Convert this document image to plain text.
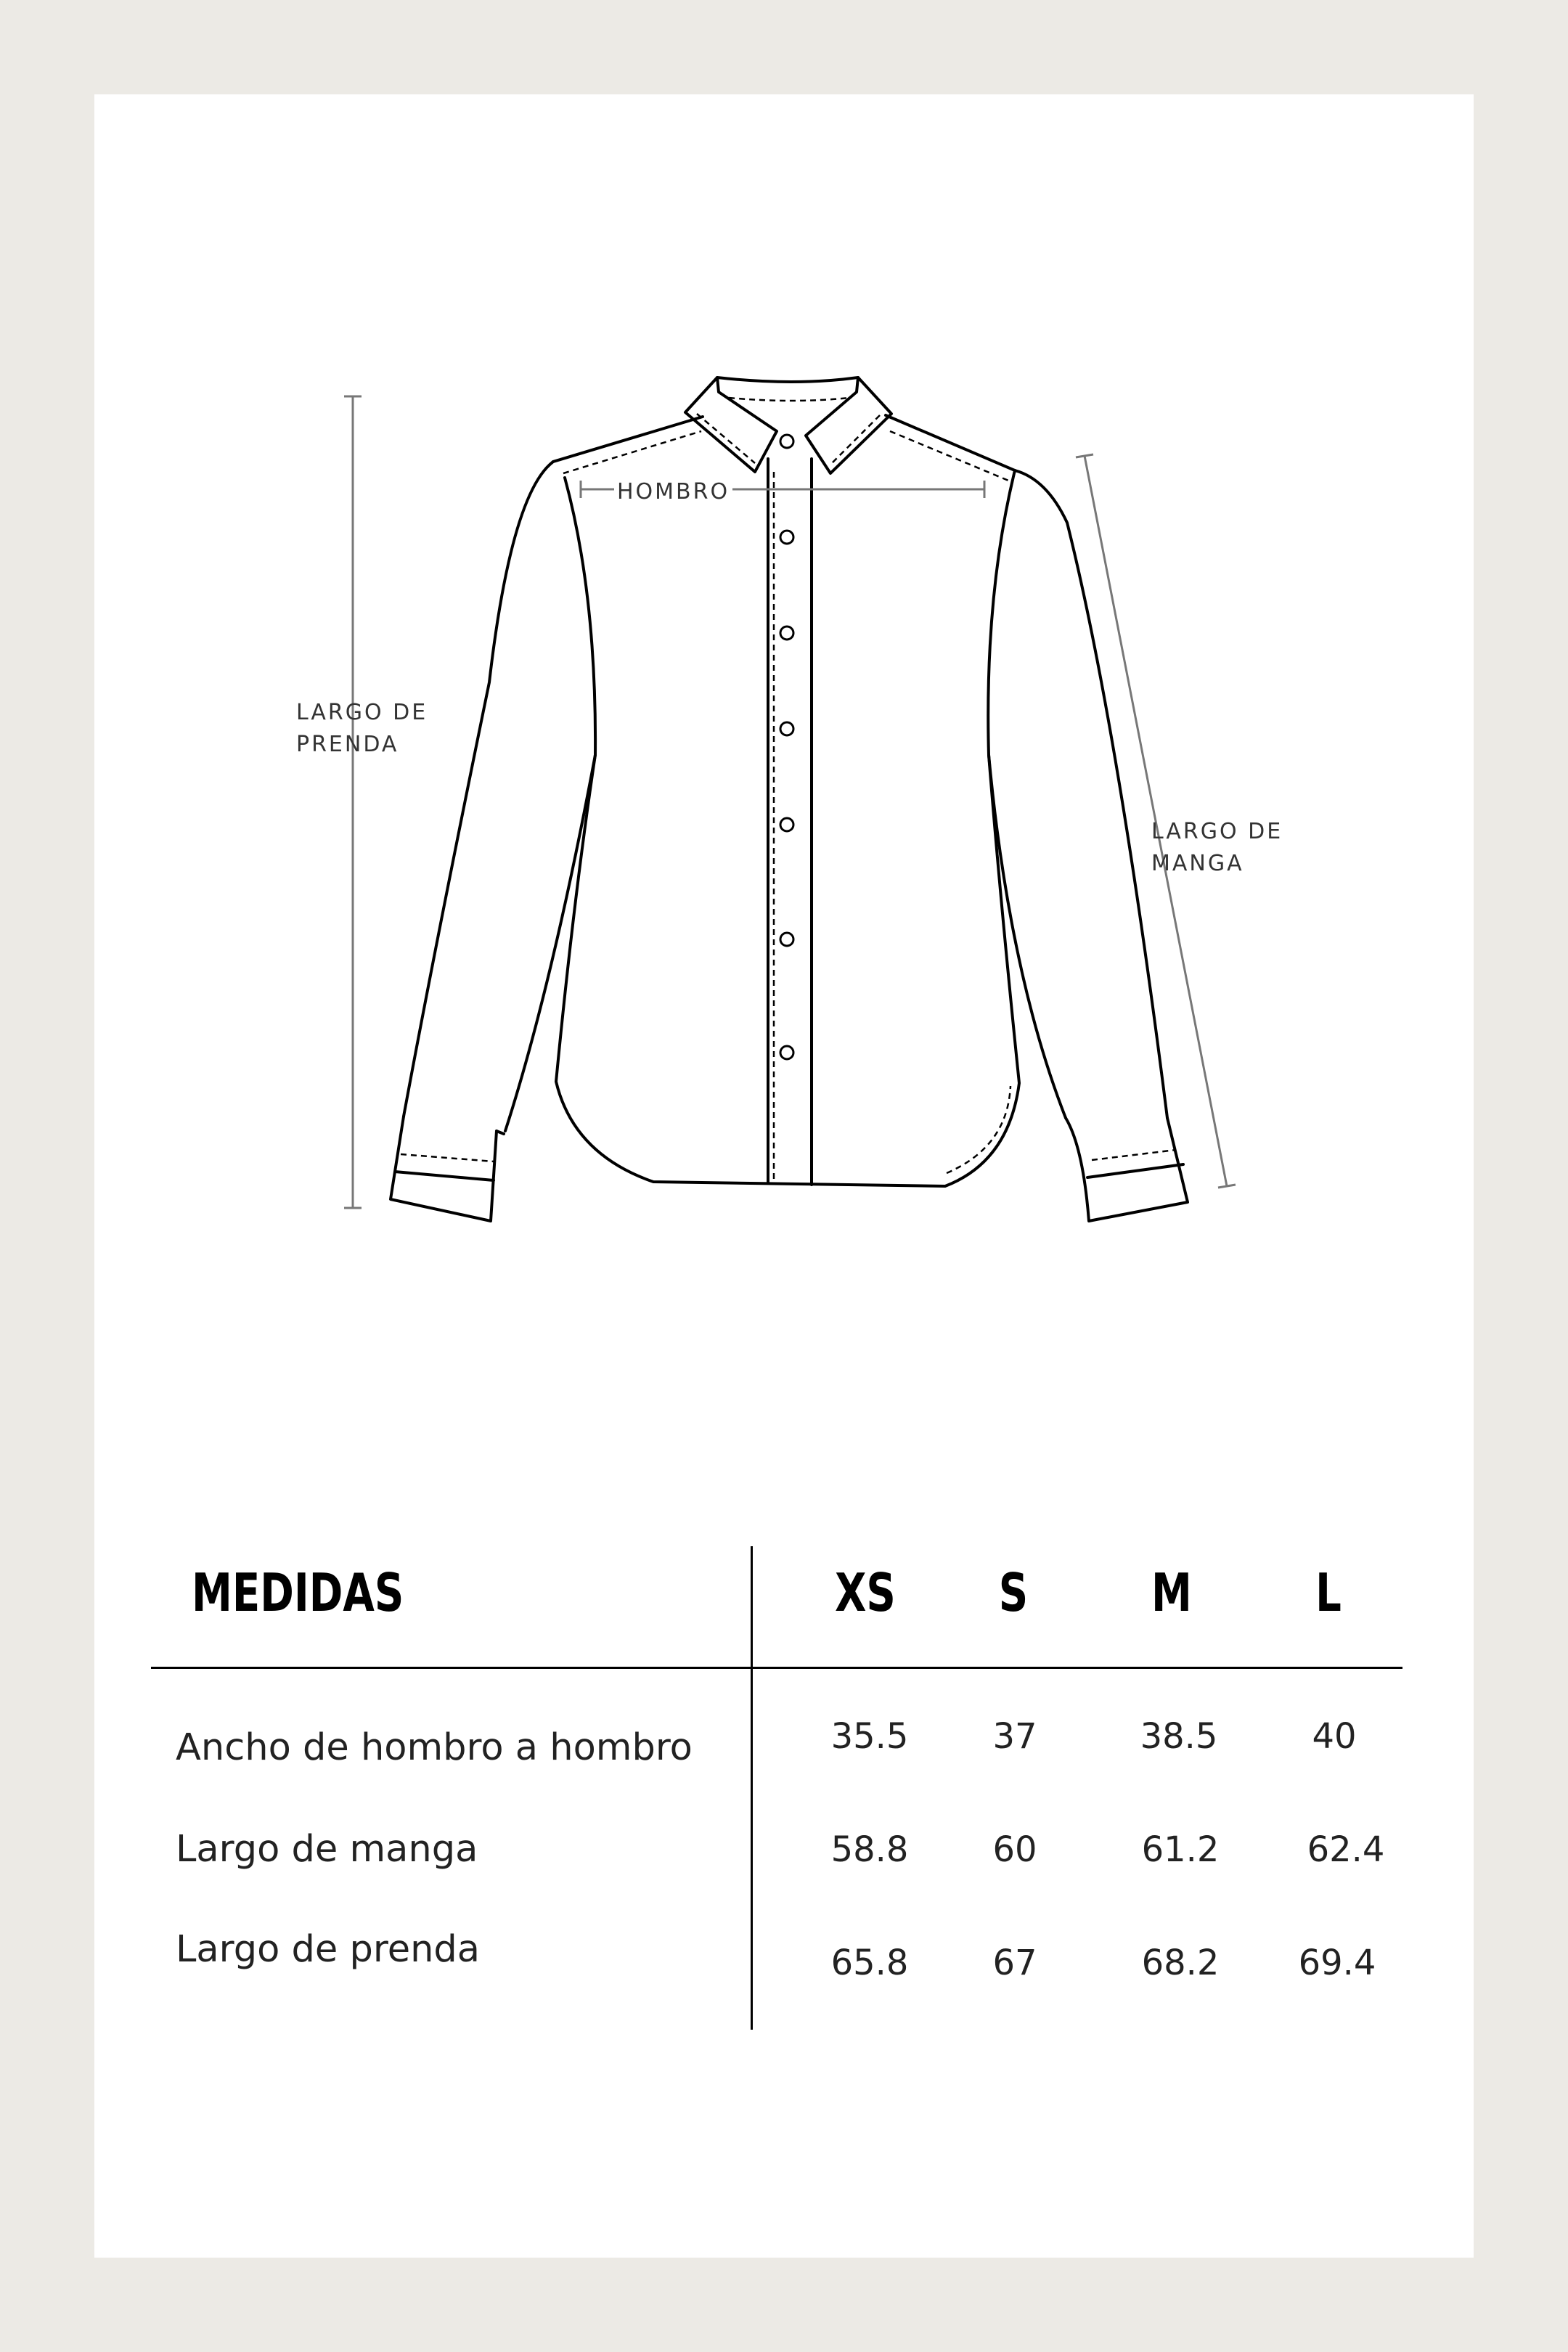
HOMBRO
LARGO DE
PRENDA
LARGO DE
MANGA
MEDIDAS	XS	S	M	L
Ancho de hombro a hombro	35.5	37	38.5	40
Largo de manga	58.8	60	61.2	62.4
Largo de prenda	65.8	67	68.2	69.4
